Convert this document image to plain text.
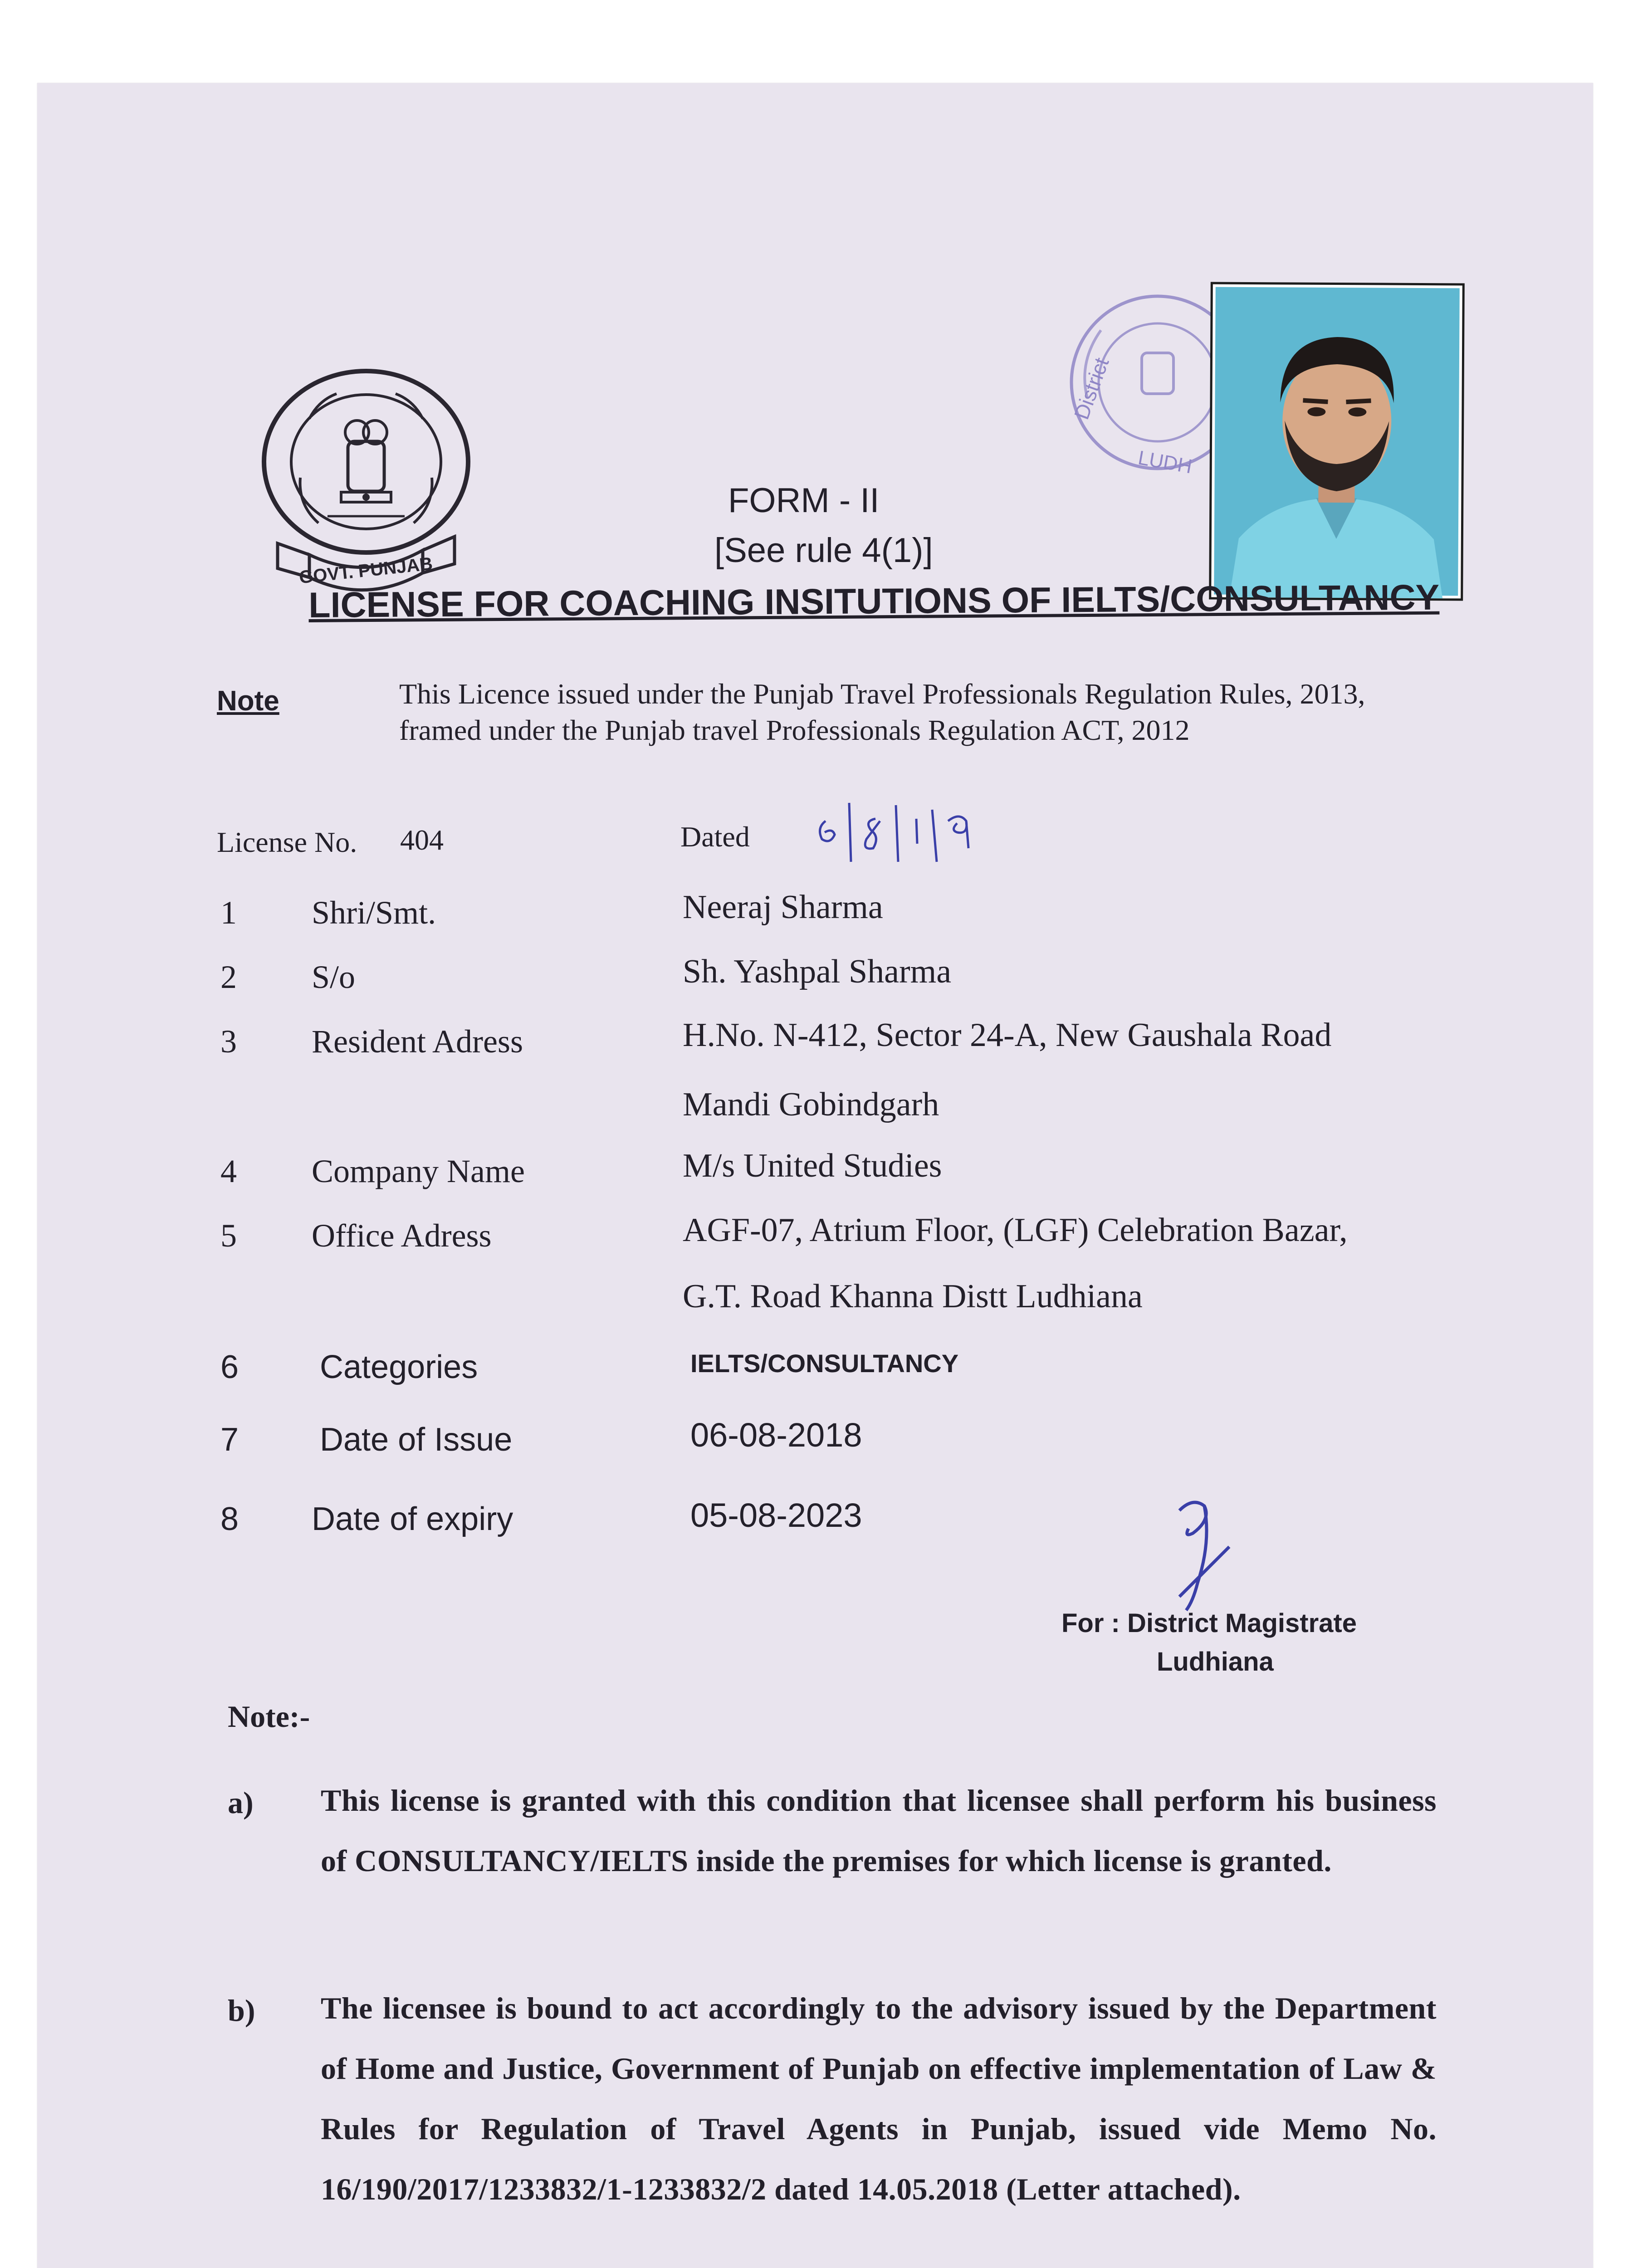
GOVT. PUNJAB
District
LUDH
FORM - II
[See rule 4(1)]
LICENSE FOR COACHING INSITUTIONS OF IELTS/CONSULTANCY
Note	This Licence issued under the Punjab Travel Professionals Regulation Rules, 2013, framed under the Punjab travel Professionals Regulation ACT, 2012
License No. 404	Dated
1 Shri/Smt.	Neeraj Sharma
2 S/o	Sh. Yashpal Sharma
3 Resident Adress	H.No. N-412, Sector 24-A, New Gaushala Road
Mandi Gobindgarh
4 Company Name	M/s United Studies
5 Office Adress	AGF-07, Atrium Floor, (LGF) Celebration Bazar,
G.T. Road Khanna Distt Ludhiana
6 Categories	IELTS/CONSULTANCY
7 Date of Issue	06-08-2018
8 Date of expiry	05-08-2023
For : District Magistrate
Ludhiana
Note:-
a) This license is granted with this condition that licensee shall perform his business of CONSULTANCY/IELTS inside the premises for which license is granted.
b) The licensee is bound to act accordingly to the advisory issued by the Department of Home and Justice, Government of Punjab on effective implementation of Law & Rules for Regulation of Travel Agents in Punjab, issued vide Memo No. 16/190/2017/1233832/1-1233832/2 dated 14.05.2018 (Letter attached).
